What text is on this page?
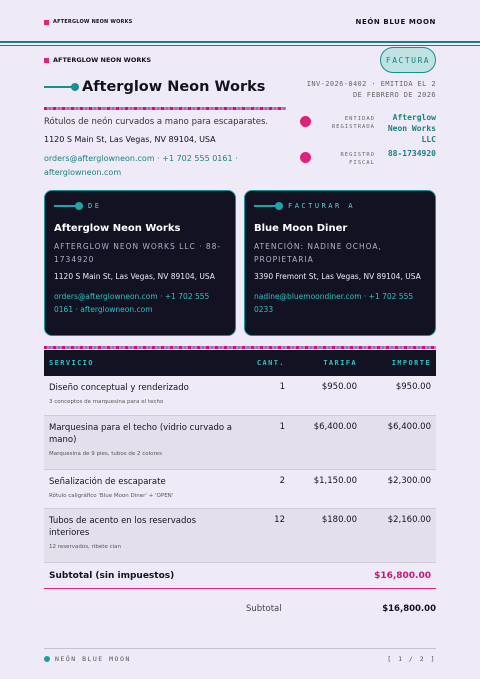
AFTERGLOW NEON WORKS	NEÓN BLUE MOON
AFTERGLOW NEON WORKS	FACTURA
Afterglow Neon Works
Rótulos de neón curvados a mano para escaparates.
1120 S Main St, Las Vegas, NV 89104, USA
orders@afterglowneon.com · +1 702 555 0161 · afterglowneon.com
INV-2026-0402 · EMITIDA EL 2 DE FEBRERO DE 2026
ENTIDAD REGISTRADA
Afterglow Neon Works LLC
REGISTRO FISCAL
88-1734920
DE
Afterglow Neon Works
AFTERGLOW NEON WORKS LLC · 88-1734920
1120 S Main St, Las Vegas, NV 89104, USA
orders@afterglowneon.com · +1 702 555 0161 · afterglowneon.com
FACTURAR A
Blue Moon Diner
ATENCIÓN: NADINE OCHOA, PROPIETARIA
3390 Fremont St, Las Vegas, NV 89104, USA
nadine@bluemoondiner.com · +1 702 555 0233
SERVICIO	CANT.	TARIFA	IMPORTE

Diseño conceptual y renderizado
3 conceptos de marquesina para el techo	1	$950.00	$950.00

Marquesina para el techo (vidrio curvado a mano)
Marquesina de 9 pies, tubos de 2 colores	1	$6,400.00	$6,400.00

Señalización de escaparate
Rótulo caligráfico 'Blue Moon Diner' + 'OPEN'	2	$1,150.00	$2,300.00

Tubos de acento en los reservados interiores
12 reservados, ribete cian	12	$180.00	$2,160.00
Subtotal (sin impuestos)			$16,800.00
Subtotal	$16,800.00
NEÓN BLUE MOON	[ 1 / 2 ]
